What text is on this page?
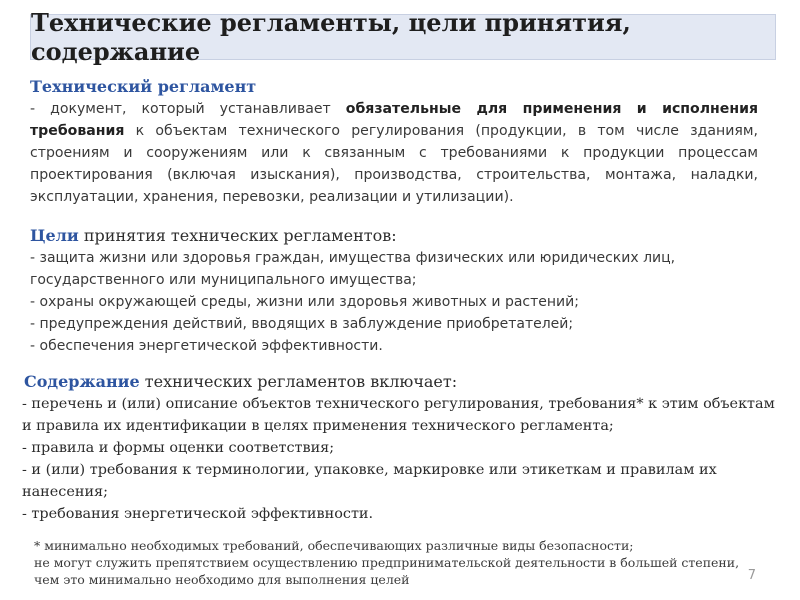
Технические регламенты, цели принятия, содержание
Технический регламент

- документ, который устанавливает обязательные для применения и исполнения требования к объектам технического регулирования (продукции, в том числе зданиям, строениям и сооружениям или к связанным с требованиями к продукции процессам проектирования (включая изыскания), производства, строительства, монтажа, наладки, эксплуатации, хранения, перевозки, реализации и утилизации).

Цели принятия технических регламентов:
- защита жизни или здоровья граждан, имущества физических или юридических лиц, государственного или муниципального имущества;
- охраны окружающей среды, жизни или здоровья животных и растений;
- предупреждения действий, вводящих в заблуждение приобретателей;
- обеспечения энергетической эффективности.
Содержание технических регламентов включает:
- перечень и (или) описание объектов технического регулирования, требования* к этим объектам и правила их идентификации в целях применения технического регламента;
- правила и формы оценки соответствия;
- и (или) требования к терминологии, упаковке, маркировке или этикеткам и правилам их нанесения;
- требования энергетической эффективности.

* минимально необходимых требований, обеспечивающих различные виды безопасности;

не могут служить препятствием осуществлению предпринимательской деятельности в большей степени, чем это минимально необходимо для выполнения целей	7
